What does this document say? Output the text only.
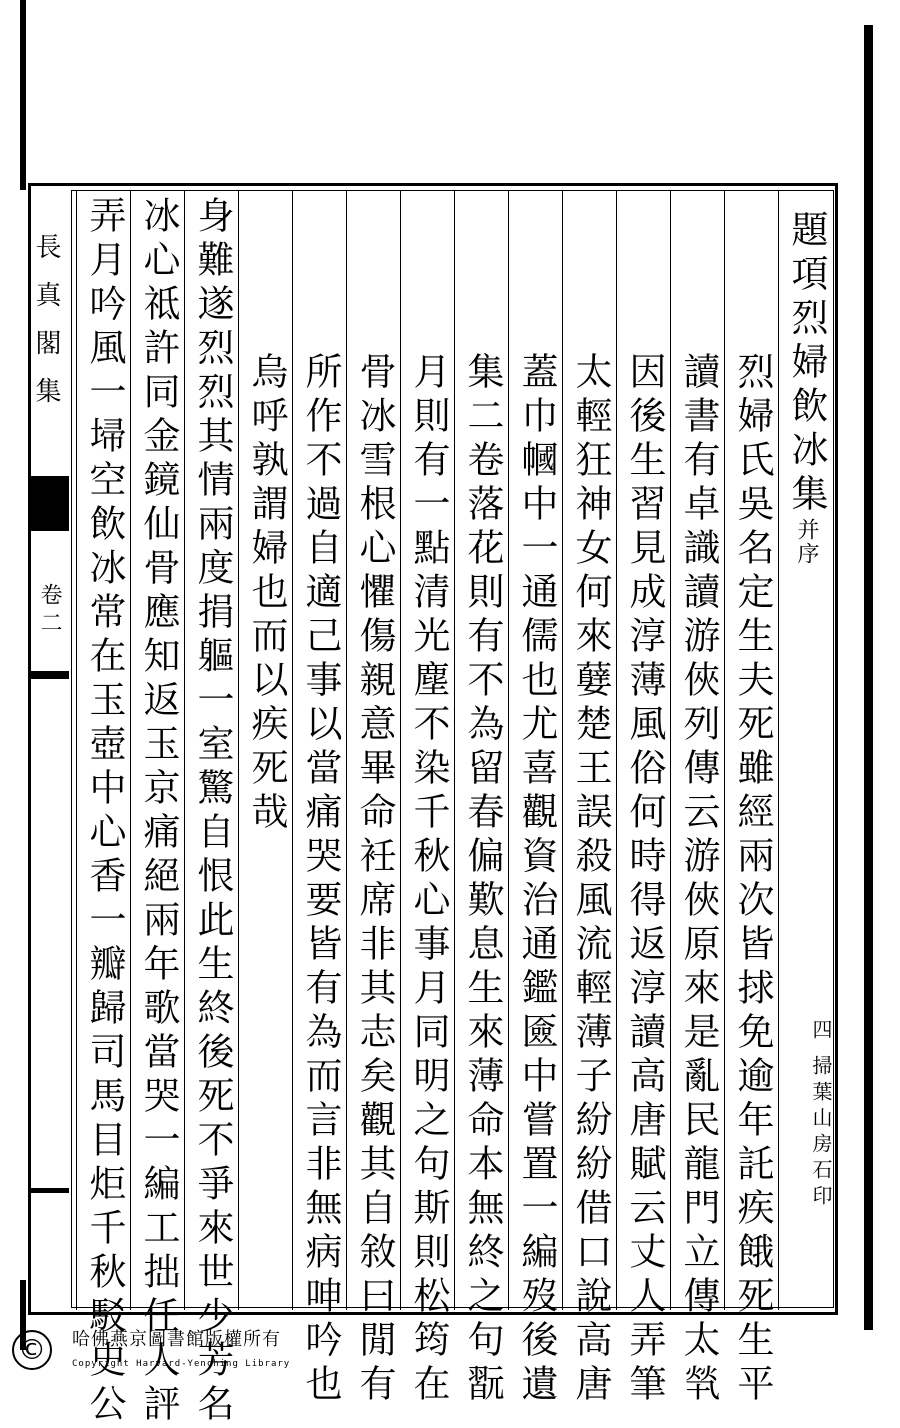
長真閣集
卷二
題項烈婦飲冰集并序
烈婦氏吳名定生夫死雖經兩次皆捄免逾年託疾餓死生平
讀書有卓識讀游俠列傳云游俠原來是亂民龍門立傳太㷀
因後生習見成淳薄風俗何時得返淳讀高唐賦云丈人弄筆
太輕狂神女何來㜸楚王誤殺風流輕薄子紛紛借口說高唐
蓋巾幗中一通儒也尤喜觀資治通鑑匳中嘗置一編歿後遺
集二卷落花則有不為留春偏歎息生來薄命本無終之句翫
月則有一點清光塵不染千秋心事月同明之句斯則松筠在
骨冰雪根心懼傷親意畢命衽席非其志矣觀其自敘曰閒有
所作不過自適己事以當痛哭要皆有為而言非無病呻吟也
烏呼孰謂婦也而以疾死哉
身難遂烈烈其情兩度捐軀一室驚自恨此生終後死不爭來世少芳名
冰心祗許同金鏡仙骨應知返玉京痛絕兩年歌當哭一編工拙任人評
弄月吟風一埽空飲冰常在玉壺中心香一瓣歸司馬目炬千秋駁史公	四
掃葉山房石印
©	哈佛燕京圖書館版權所有
Copyright Harvard-Yenching Library
